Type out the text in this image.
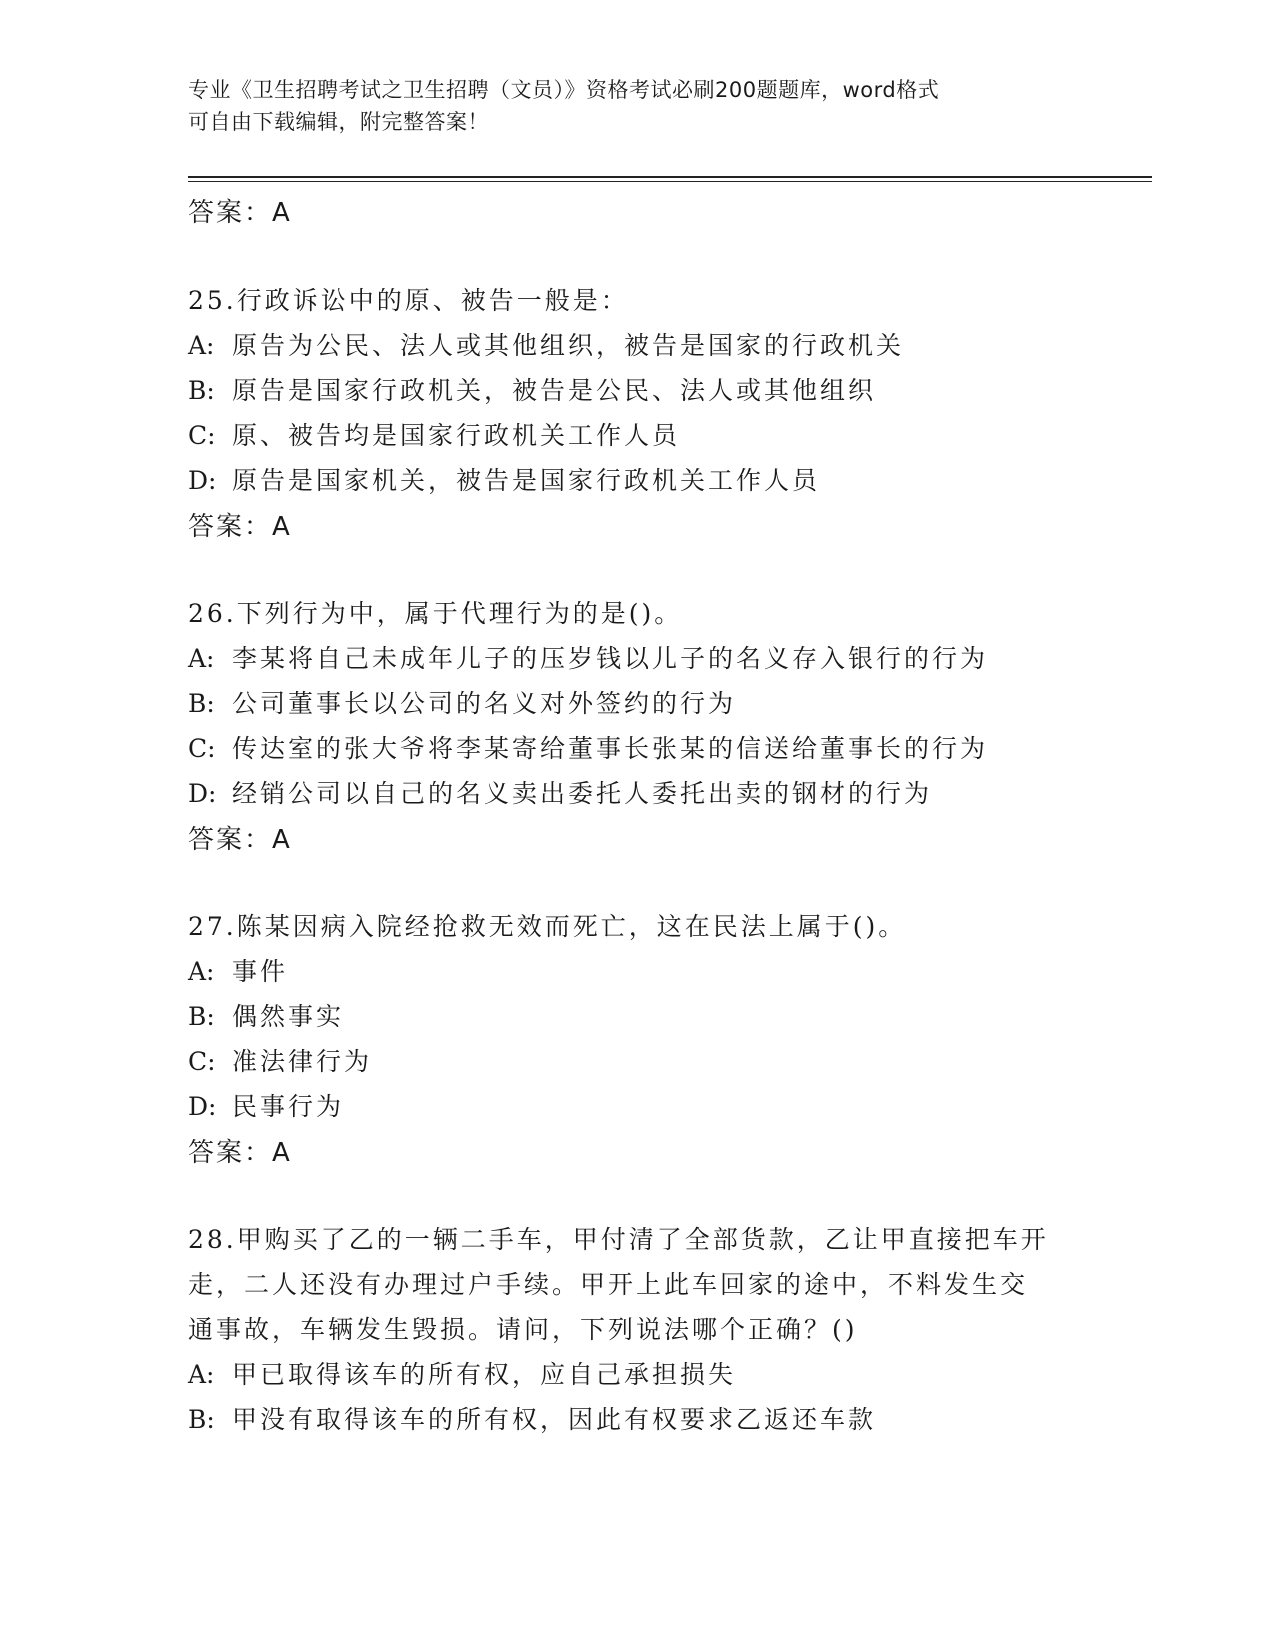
专业《卫生招聘考试之卫生招聘（文员）》资格考试必刷200题题库，word格式
可自由下载编辑，附完整答案！
答案：A
25.行政诉讼中的原、被告一般是：
A: 原告为公民、法人或其他组织，被告是国家的行政机关
B: 原告是国家行政机关，被告是公民、法人或其他组织
C: 原、被告均是国家行政机关工作人员
D: 原告是国家机关，被告是国家行政机关工作人员
答案：A
26.下列行为中，属于代理行为的是()。
A: 李某将自己未成年儿子的压岁钱以儿子的名义存入银行的行为
B: 公司董事长以公司的名义对外签约的行为
C: 传达室的张大爷将李某寄给董事长张某的信送给董事长的行为
D: 经销公司以自己的名义卖出委托人委托出卖的钢材的行为
答案：A
27.陈某因病入院经抢救无效而死亡，这在民法上属于()。
A: 事件
B: 偶然事实
C: 准法律行为
D: 民事行为
答案：A
28.甲购买了乙的一辆二手车，甲付清了全部货款，乙让甲直接把车开
走，二人还没有办理过户手续。甲开上此车回家的途中，不料发生交
通事故，车辆发生毁损。请问，下列说法哪个正确？()
A: 甲已取得该车的所有权，应自己承担损失
B: 甲没有取得该车的所有权，因此有权要求乙返还车款
